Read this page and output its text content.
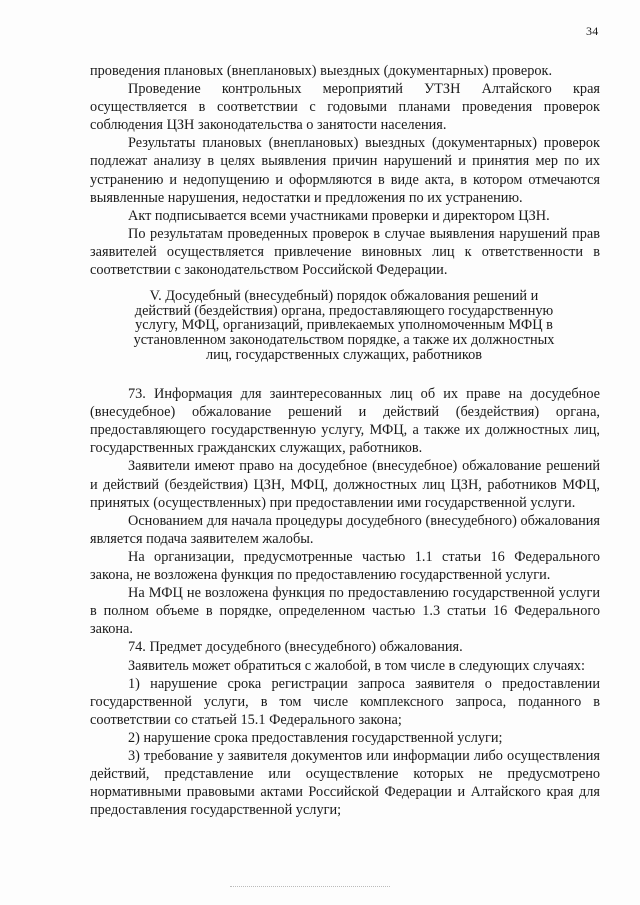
34

проведения плановых (внеплановых) выездных (документарных) проверок.

Проведение контрольных мероприятий УТЗН Алтайского края осуществляется в соответствии с годовыми планами проведения проверок соблюдения ЦЗН законодательства о занятости населения.

Результаты плановых (внеплановых) выездных (документарных) проверок подлежат анализу в целях выявления причин нарушений и принятия мер по их устранению и недопущению и оформляются в виде акта, в котором отмечаются выявленные нарушения, недостатки и предложения по их устранению.

Акт подписывается всеми участниками проверки и директором ЦЗН.

По результатам проведенных проверок в случае выявления нарушений прав заявителей осуществляется привлечение виновных лиц к ответственности в соответствии с законодательством Российской Федерации.

V. Досудебный (внесудебный) порядок обжалования решений и действий (бездействия) органа, предоставляющего государственную услугу, МФЦ, организаций, привлекаемых уполномоченным МФЦ в установленном законодательством порядке, а также их должностных лиц, государственных служащих, работников

73. Информация для заинтересованных лиц об их праве на досудебное (внесудебное) обжалование решений и действий (бездействия) органа, предоставляющего государственную услугу, МФЦ, а также их должностных лиц, государственных гражданских служащих, работников.

Заявители имеют право на досудебное (внесудебное) обжалование решений и действий (бездействия) ЦЗН, МФЦ, должностных лиц ЦЗН, работников МФЦ, принятых (осуществленных) при предоставлении ими государственной услуги.

Основанием для начала процедуры досудебного (внесудебного) обжалования является подача заявителем жалобы.

На организации, предусмотренные частью 1.1 статьи 16 Федерального закона, не возложена функция по предоставлению государственной услуги.

На МФЦ не возложена функция по предоставлению государственной услуги в полном объеме в порядке, определенном частью 1.3 статьи 16 Федерального закона.

74. Предмет досудебного (внесудебного) обжалования.

Заявитель может обратиться с жалобой, в том числе в следующих случаях:

1) нарушение срока регистрации запроса заявителя о предоставлении государственной услуги, в том числе комплексного запроса, поданного в соответствии со статьей 15.1 Федерального закона;

2) нарушение срока предоставления государственной услуги;

3) требование у заявителя документов или информации либо осуществления действий, представление или осуществление которых не предусмотрено нормативными правовыми актами Российской Федерации и Алтайского края для предоставления государственной услуги;
